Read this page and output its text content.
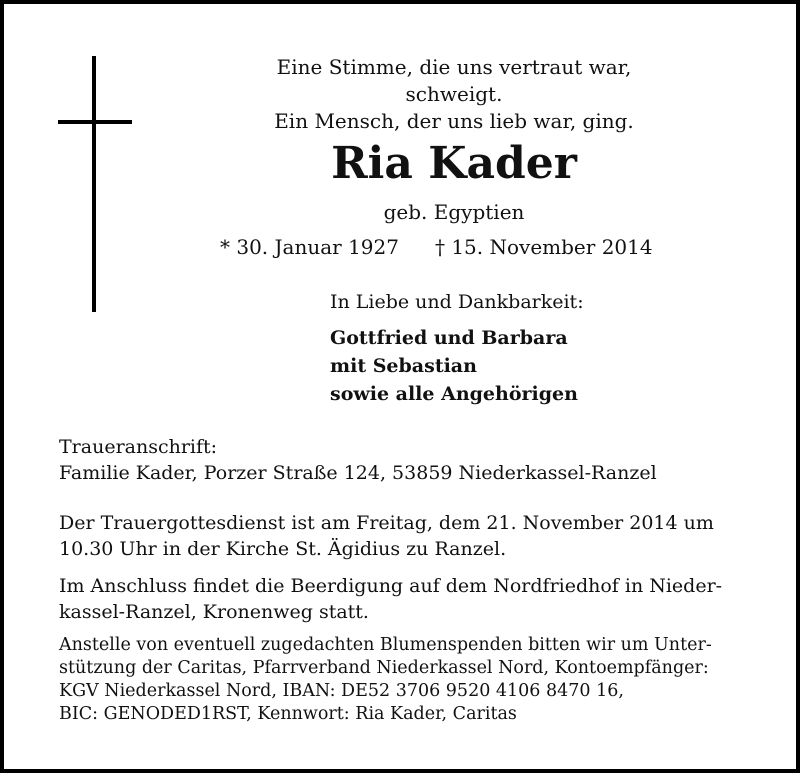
Eine Stimme, die uns vertraut war, schweigt.
Ein Mensch, der uns lieb war, ging.
Ria Kader
geb. Egyptien
* 30. Januar 1927 † 15. November 2014
In Liebe und Dankbarkeit:
Gottfried und Barbara
mit Sebastian
sowie alle Angehörigen
Traueranschrift:
Familie Kader, Porzer Straße 124, 53859 Niederkassel-Ranzel
Der Trauergottesdienst ist am Freitag, dem 21. November 2014 um
10.30 Uhr in der Kirche St. Ägidius zu Ranzel.
Im Anschluss findet die Beerdigung auf dem Nordfriedhof in Nieder-
kassel-Ranzel, Kronenweg statt.
Anstelle von eventuell zugedachten Blumenspenden bitten wir um Unter-
stützung der Caritas, Pfarrverband Niederkassel Nord, Kontoempfänger:
KGV Niederkassel Nord, IBAN: DE52 3706 9520 4106 8470 16,
BIC: GENODED1RST, Kennwort: Ria Kader, Caritas
